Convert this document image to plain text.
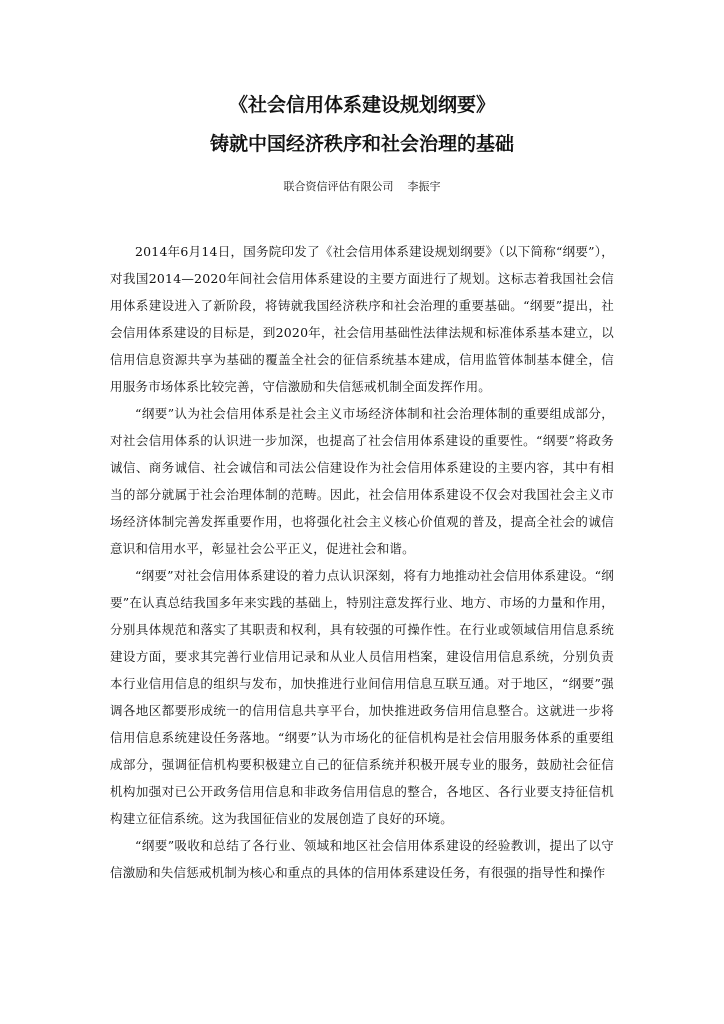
《社会信用体系建设规划纲要》
铸就中国经济秩序和社会治理的基础
联合资信评估有限公司 李振宇

2014年6月14日，国务院印发了《社会信用体系建设规划纲要》（以下简称“纲要”），对我国2014—2020年间社会信用体系建设的主要方面进行了规划。这标志着我国社会信用体系建设进入了新阶段，将铸就我国经济秩序和社会治理的重要基础。“纲要”提出，社会信用体系建设的目标是，到2020年，社会信用基础性法律法规和标准体系基本建立，以信用信息资源共享为基础的覆盖全社会的征信系统基本建成，信用监管体制基本健全，信用服务市场体系比较完善，守信激励和失信惩戒机制全面发挥作用。

“纲要”认为社会信用体系是社会主义市场经济体制和社会治理体制的重要组成部分，对社会信用体系的认识进一步加深，也提高了社会信用体系建设的重要性。“纲要”将政务诚信、商务诚信、社会诚信和司法公信建设作为社会信用体系建设的主要内容，其中有相当的部分就属于社会治理体制的范畴。因此，社会信用体系建设不仅会对我国社会主义市场经济体制完善发挥重要作用，也将强化社会主义核心价值观的普及，提高全社会的诚信意识和信用水平，彰显社会公平正义，促进社会和谐。

“纲要”对社会信用体系建设的着力点认识深刻，将有力地推动社会信用体系建设。“纲要”在认真总结我国多年来实践的基础上，特别注意发挥行业、地方、市场的力量和作用，分别具体规范和落实了其职责和权利，具有较强的可操作性。在行业或领域信用信息系统建设方面，要求其完善行业信用记录和从业人员信用档案，建设信用信息系统，分别负责本行业信用信息的组织与发布，加快推进行业间信用信息互联互通。对于地区，“纲要”强调各地区都要形成统一的信用信息共享平台，加快推进政务信用信息整合。这就进一步将信用信息系统建设任务落地。“纲要”认为市场化的征信机构是社会信用服务体系的重要组成部分，强调征信机构要积极建立自己的征信系统并积极开展专业的服务，鼓励社会征信机构加强对已公开政务信用信息和非政务信用信息的整合，各地区、各行业要支持征信机构建立征信系统。这为我国征信业的发展创造了良好的环境。

“纲要”吸收和总结了各行业、领域和地区社会信用体系建设的经验教训，提出了以守信激励和失信惩戒机制为核心和重点的具体的信用体系建设任务，有很强的指导性和操作
